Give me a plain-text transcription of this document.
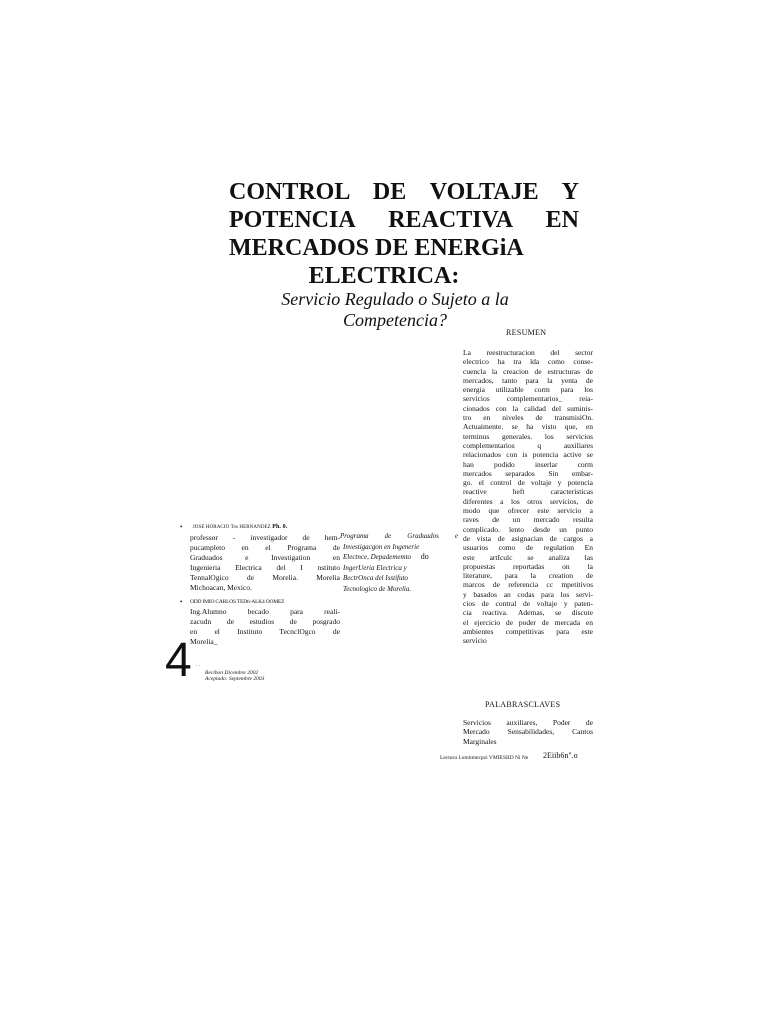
CONTROL DE VOLTAJE Y
POTENCIA REACTIVA EN
MERCADOS DE ENERGiA
ELECTRICA:
Servicio Regulado o Sujeto a la
Competencia?
RESUMEN
La reestructuracion del sector
electrico ha tra lda como conse-
cuencla la creacion de estructuras de
mercados, tanto para la yenta de
energia utilizable corm para los
servicios complementarios_ reia-
cionados con la calidad del suminis-
tro en niveles de transmisiOn.
Actuaimente. se ha visto que, en
terminus generales. los servicios
complementarios q auxiliares
relacionados con is potencia active se
han podido inserlar corm
mercados separados Sin embar-
go. el control de voltaje y potencia
reactive heft caracteristicas
diferentes a los otros servicios, de
modo que ofrecer este servicio a
raves de un mercado resulta
complicado. lento desde un punto
de vista de asignacian de cargos a
usuarios como de regulation En
este artIculc se analiza las
propuestas reportadas on la
literature, para la creation de
marcos de referencia cc mpetitivos
y basados an codas para los servi-
cios de contral de voltaje y paten-
cia reactiva. Ademas, se discute
el ejercicio de poder de mercada en
ambientes competitivas para este
servicio
PALABRASCLAVES
Servicios auxiliares, Poder de
Mercado Sensabilidades, Cantos
Marginales
Lecturu I.omitmecpzi VMIESIID Ni Ne 2Eiib6n".o
•	JOSE HORACIO Tos HERNANDEZ Ph. 0.
professor - investigador de hem-
pucampleto en el Programa de
Graduados e Investigation en
Ingenieria Electrica del I nstituto
TennalOgico de Morelia. Morelia
Michoacan, Mexico.
• ODD IMIO CARLOS TEDti-ALK4 OOMEZ
Ing.Alumno becado para reali-
zacudn de estudios de posgrado
en el Instituto TecnclOgco de
Morelia_
Programa de Graduados e
Investigacgon en Ingenerie
Electnce, Depadememto do
IngerUeria Electrica y
BectrOnca del Isstifuto
Tecnologico de Morelia.
4 · ·
Recibon Dicembre 2002
Aceptado: Septembre 2003
